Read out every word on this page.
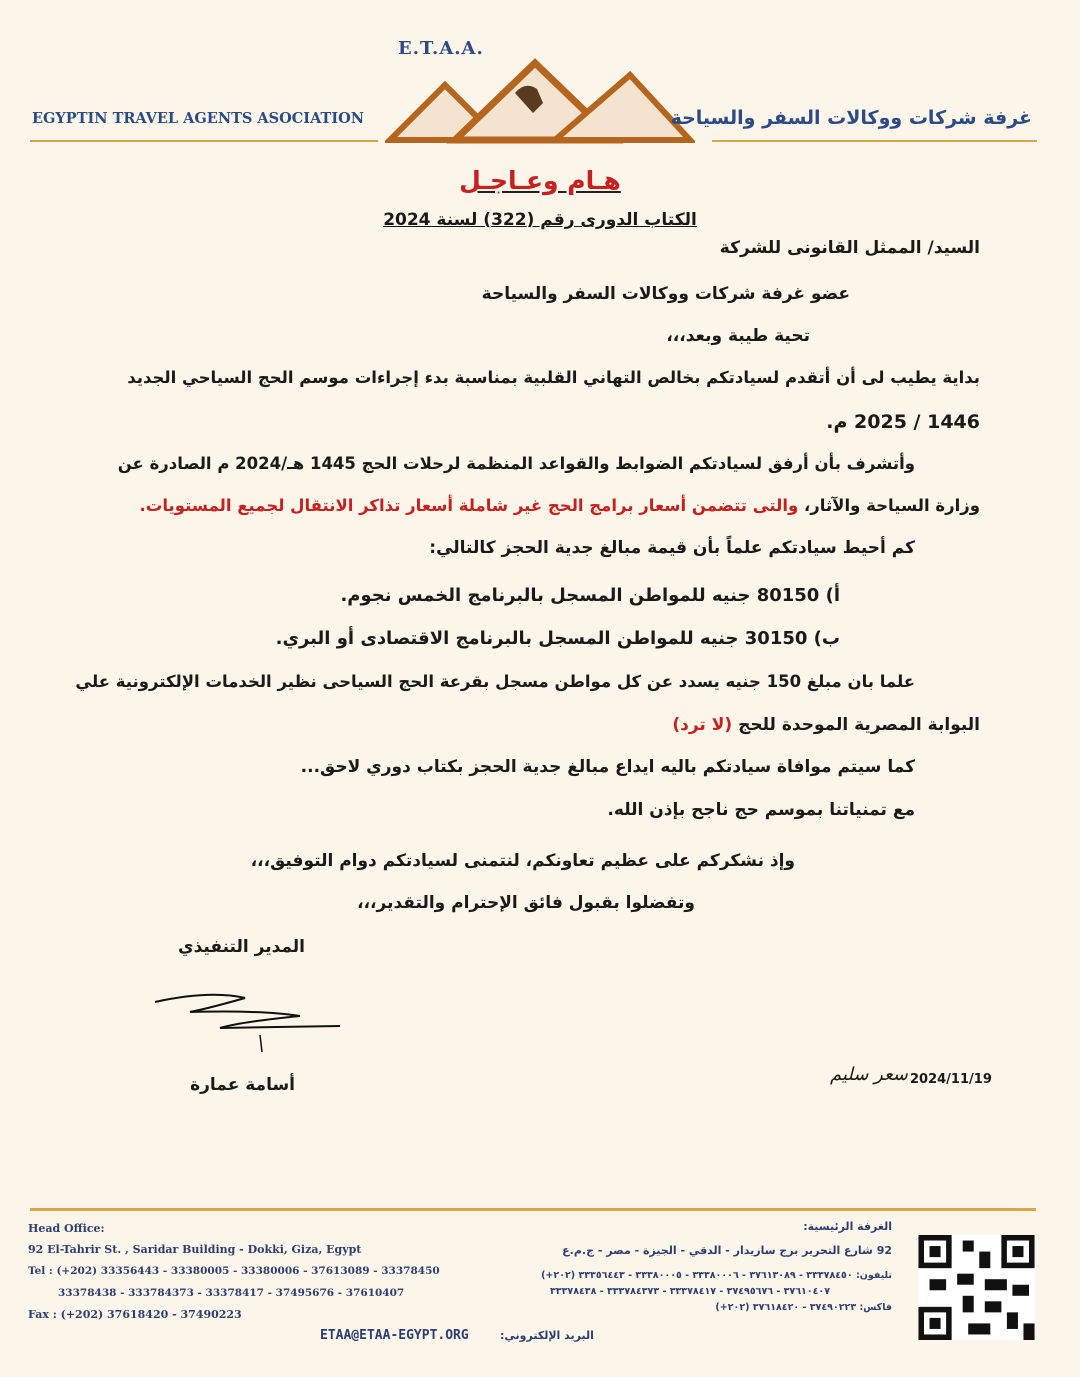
E.T.A.A.
EGYPTIN TRAVEL AGENTS ASOCIATION	غرفة شركات ووكالات السفر والسياحة
هـام وعـاجـل
الكتاب الدورى رقم (322) لسنة 2024
السيد/ الممثل القانونى للشركة
عضو غرفة شركات ووكالات السفر والسياحة
تحية طيبة وبعد،،،
بداية يطيب لى أن أتقدم لسيادتكم بخالص التهاني القلبية بمناسبة بدء إجراءات موسم الحج السياحي الجديد
1446 / 2025 م.
وأتشرف بأن أرفق لسيادتكم الضوابط والقواعد المنظمة لرحلات الحج 1445 هـ/2024 م الصادرة عن
وزارة السياحة والآثار، والتى تتضمن أسعار برامج الحج غير شاملة أسعار تذاكر الانتقال لجميع المستويات.
كم أحيط سيادتكم علماً بأن قيمة مبالغ جدية الحجز كالتالي:
أ) 80150 جنيه للمواطن المسجل بالبرنامج الخمس نجوم.
ب) 30150 جنيه للمواطن المسجل بالبرنامج الاقتصادى أو البري.
علما بان مبلغ 150 جنيه يسدد عن كل مواطن مسجل بقرعة الحج السياحى نظير الخدمات الإلكترونية علي
البوابة المصرية الموحدة للحج (لا ترد)
كما سيتم موافاة سيادتكم باليه ايداع مبالغ جدية الحجز بكتاب دوري لاحق...
مع تمنياتنا بموسم حج ناجح بإذن الله.
وإذ نشكركم على عظيم تعاونكم، لنتمنى لسيادتكم دوام التوفيق،،،
وتفضلوا بقبول فائق الإحترام والتقدير،،،
المدير التنفيذي
أسامة عمارة	2024/11/19
سعر سليم
Head Office:
92 El-Tahrir St. , Saridar Building - Dokki, Giza, Egypt
Tel : (+202) 33356443 - 33380005 - 33380006 - 37613089 - 33378450
33378438 - 333784373 - 33378417 - 37495676 - 37610407
Fax : (+202) 37618420 - 37490223
الغرفة الرئيسية:
92 شارع التحرير برج ساريدار - الدقي - الجيزة - مصر - ج.م.ع
تليفون: ٣٣٣٧٨٤٥٠ - ٣٧٦١٣٠٨٩ - ٣٣٣٨٠٠٠٦ - ٣٣٣٨٠٠٠٥ - ٣٣٣٥٦٤٤٣ (٢٠٢+)
٣٧٦١٠٤٠٧ - ٣٧٤٩٥٦٧٦ - ٣٣٣٧٨٤١٧ - ٣٣٣٧٨٤٣٧٣ - ٣٣٣٧٨٤٣٨
فاكس: ٣٧٤٩٠٢٢٣ - ٣٧٦١٨٤٢٠ (٢٠٢+)
ETAA@ETAA-EGYPT.ORG	البريد الإلكتروني:
